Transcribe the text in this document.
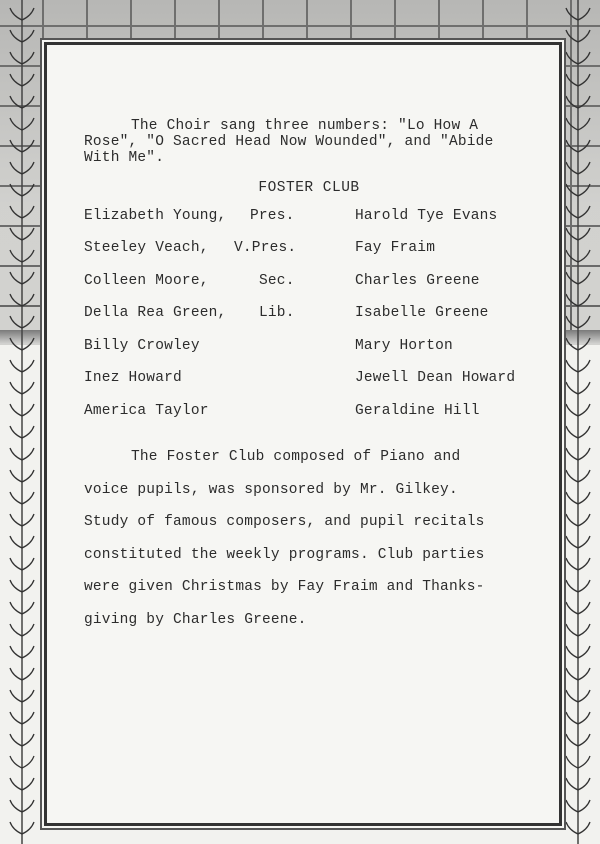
The Choir sang three numbers: "Lo How A
Rose", "O Sacred Head Now Wounded", and "Abide
With Me".

FOSTER CLUB
Elizabeth Young, Pres.	Harold Tye Evans
Steeley Veach, V.Pres.	Fay Fraim
Colleen Moore,	Sec.	Charles Greene
Della Rea Green, Lib.	Isabelle Greene
Billy Crowley	Mary Horton
Inez Howard	Jewell Dean Howard
America Taylor	Geraldine Hill

The Foster Club composed of Piano and
voice pupils, was sponsored by Mr. Gilkey.
Study of famous composers, and pupil recitals
constituted the weekly programs. Club parties
were given Christmas by Fay Fraim and Thanks-
giving by Charles Greene.
